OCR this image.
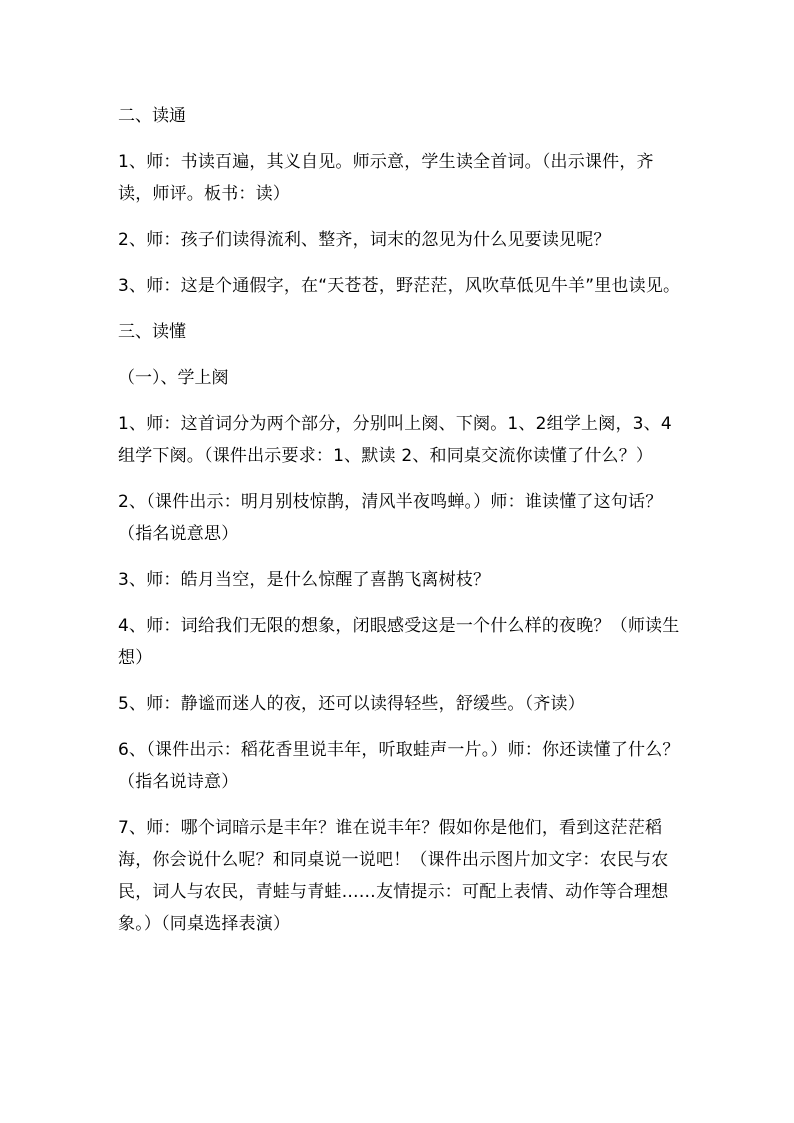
二、读通

1、师：书读百遍，其义自见。师示意，学生读全首词。（出示课件，齐读，师评。板书：读）

2、师：孩子们读得流利、整齐，词末的忽见为什么见要读见呢？

3、师：这是个通假字，在“天苍苍，野茫茫，风吹草低见牛羊”里也读见。

三、读懂

（一）、学上阕

1、师：这首词分为两个部分，分别叫上阕、下阕。1、2组学上阕，3、4组学下阕。（课件出示要求：1、默读 2、和同桌交流你读懂了什么？）

2、（课件出示：明月别枝惊鹊，清风半夜鸣蝉。）师：谁读懂了这句话？（指名说意思）

3、师：皓月当空，是什么惊醒了喜鹊飞离树枝？

4、师：词给我们无限的想象，闭眼感受这是一个什么样的夜晚？（师读生想）

5、师：静谧而迷人的夜，还可以读得轻些，舒缓些。（齐读）

6、（课件出示：稻花香里说丰年，听取蛙声一片。）师：你还读懂了什么？（指名说诗意）

7、师：哪个词暗示是丰年？谁在说丰年？假如你是他们，看到这茫茫稻海，你会说什么呢？和同桌说一说吧！（课件出示图片加文字：农民与农民，词人与农民，青蛙与青蛙……友情提示：可配上表情、动作等合理想象。）（同桌选择表演）
